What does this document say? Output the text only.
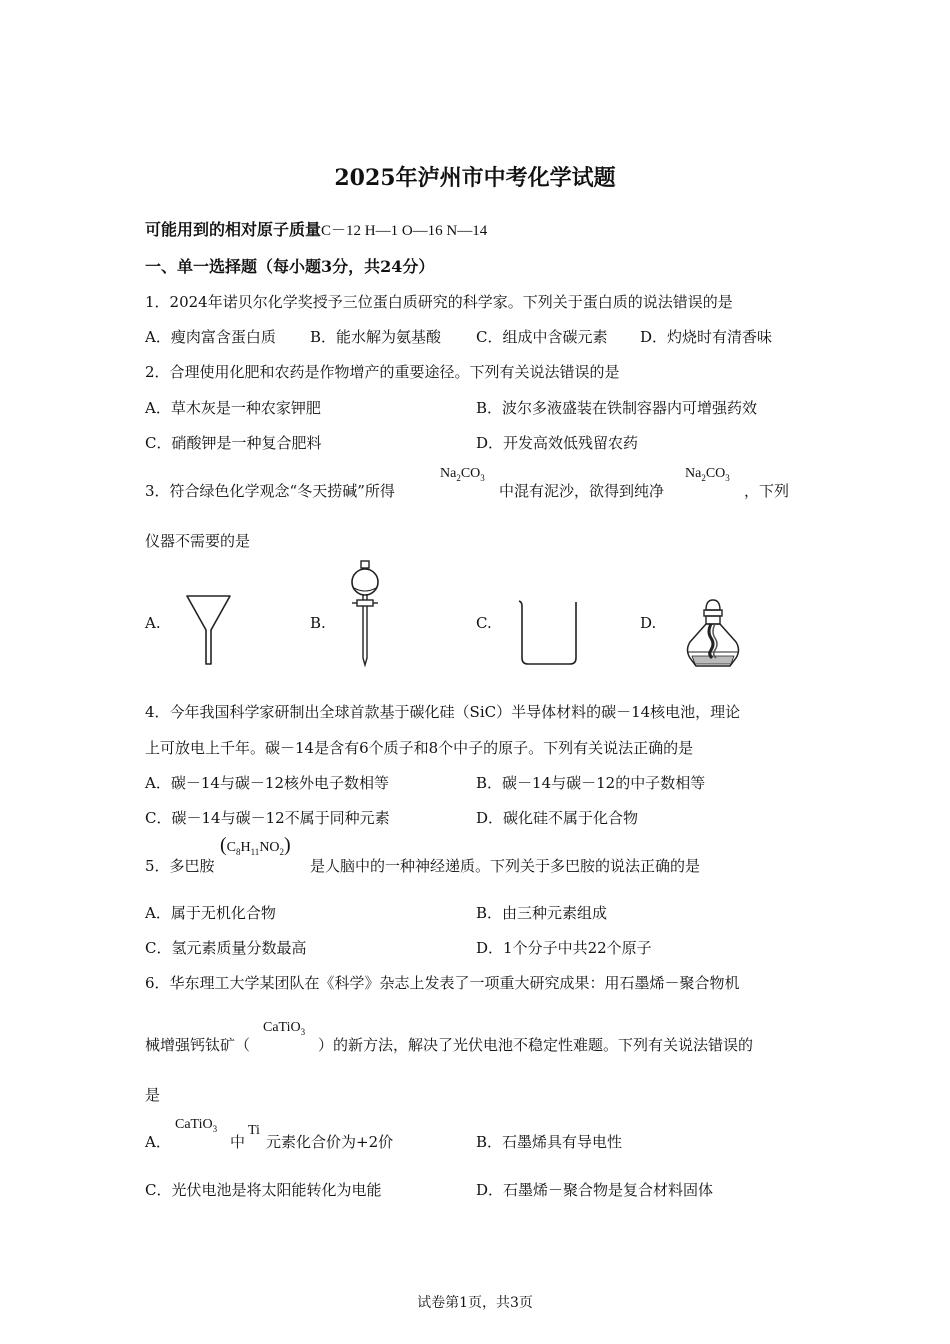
2025年泸州市中考化学试题
可能用到的相对原子质量C－12 H—1 O—16 N—14
一、单一选择题（每小题3分，共24分）
1．2024年诺贝尔化学奖授予三位蛋白质研究的科学家。下列关于蛋白质的说法错误的是
A．瘦肉富含蛋白质 B．能水解为氨基酸 C．组成中含碳元素 D．灼烧时有清香味
2．合理使用化肥和农药是作物增产的重要途径。下列有关说法错误的是
A．草木灰是一种农家钾肥	B．波尔多液盛装在铁制容器内可增强药效
C．硝酸钾是一种复合肥料	D．开发高效低残留农药
3．符合绿色化学观念“冬天捞碱”所得
$Na_2CO_3$
中混有泥沙，欲得到纯净
$Na_2CO_3$
，下列
仪器不需要的是
A.	B.	C.	D.
4．今年我国科学家研制出全球首款基于碳化硅（SiC）半导体材料的碳－14核电池，理论
上可放电上千年。碳－14是含有6个质子和8个中子的原子。下列有关说法正确的是
A．碳－14与碳－12核外电子数相等	B．碳－14与碳－12的中子数相等
C．碳－14与碳－12不属于同种元素	D．碳化硅不属于化合物
5．多巴胺
$(C_8H_{11}NO_2)$
是人脑中的一种神经递质。下列关于多巴胺的说法正确的是
A．属于无机化合物	B．由三种元素组成
C．氢元素质量分数最高	D．1个分子中共22个原子
6．华东理工大学某团队在《科学》杂志上发表了一项重大研究成果：用石墨烯－聚合物机
械增强钙钛矿（
CaTiO$_3$
）的新方法，解决了光伏电池不稳定性难题。下列有关说法错误的
是
A．
CaTiO$_3$
中
Ti
元素化合价为+2价	B．石墨烯具有导电性
C．光伏电池是将太阳能转化为电能	D．石墨烯－聚合物是复合材料固体
试卷第1页，共3页
